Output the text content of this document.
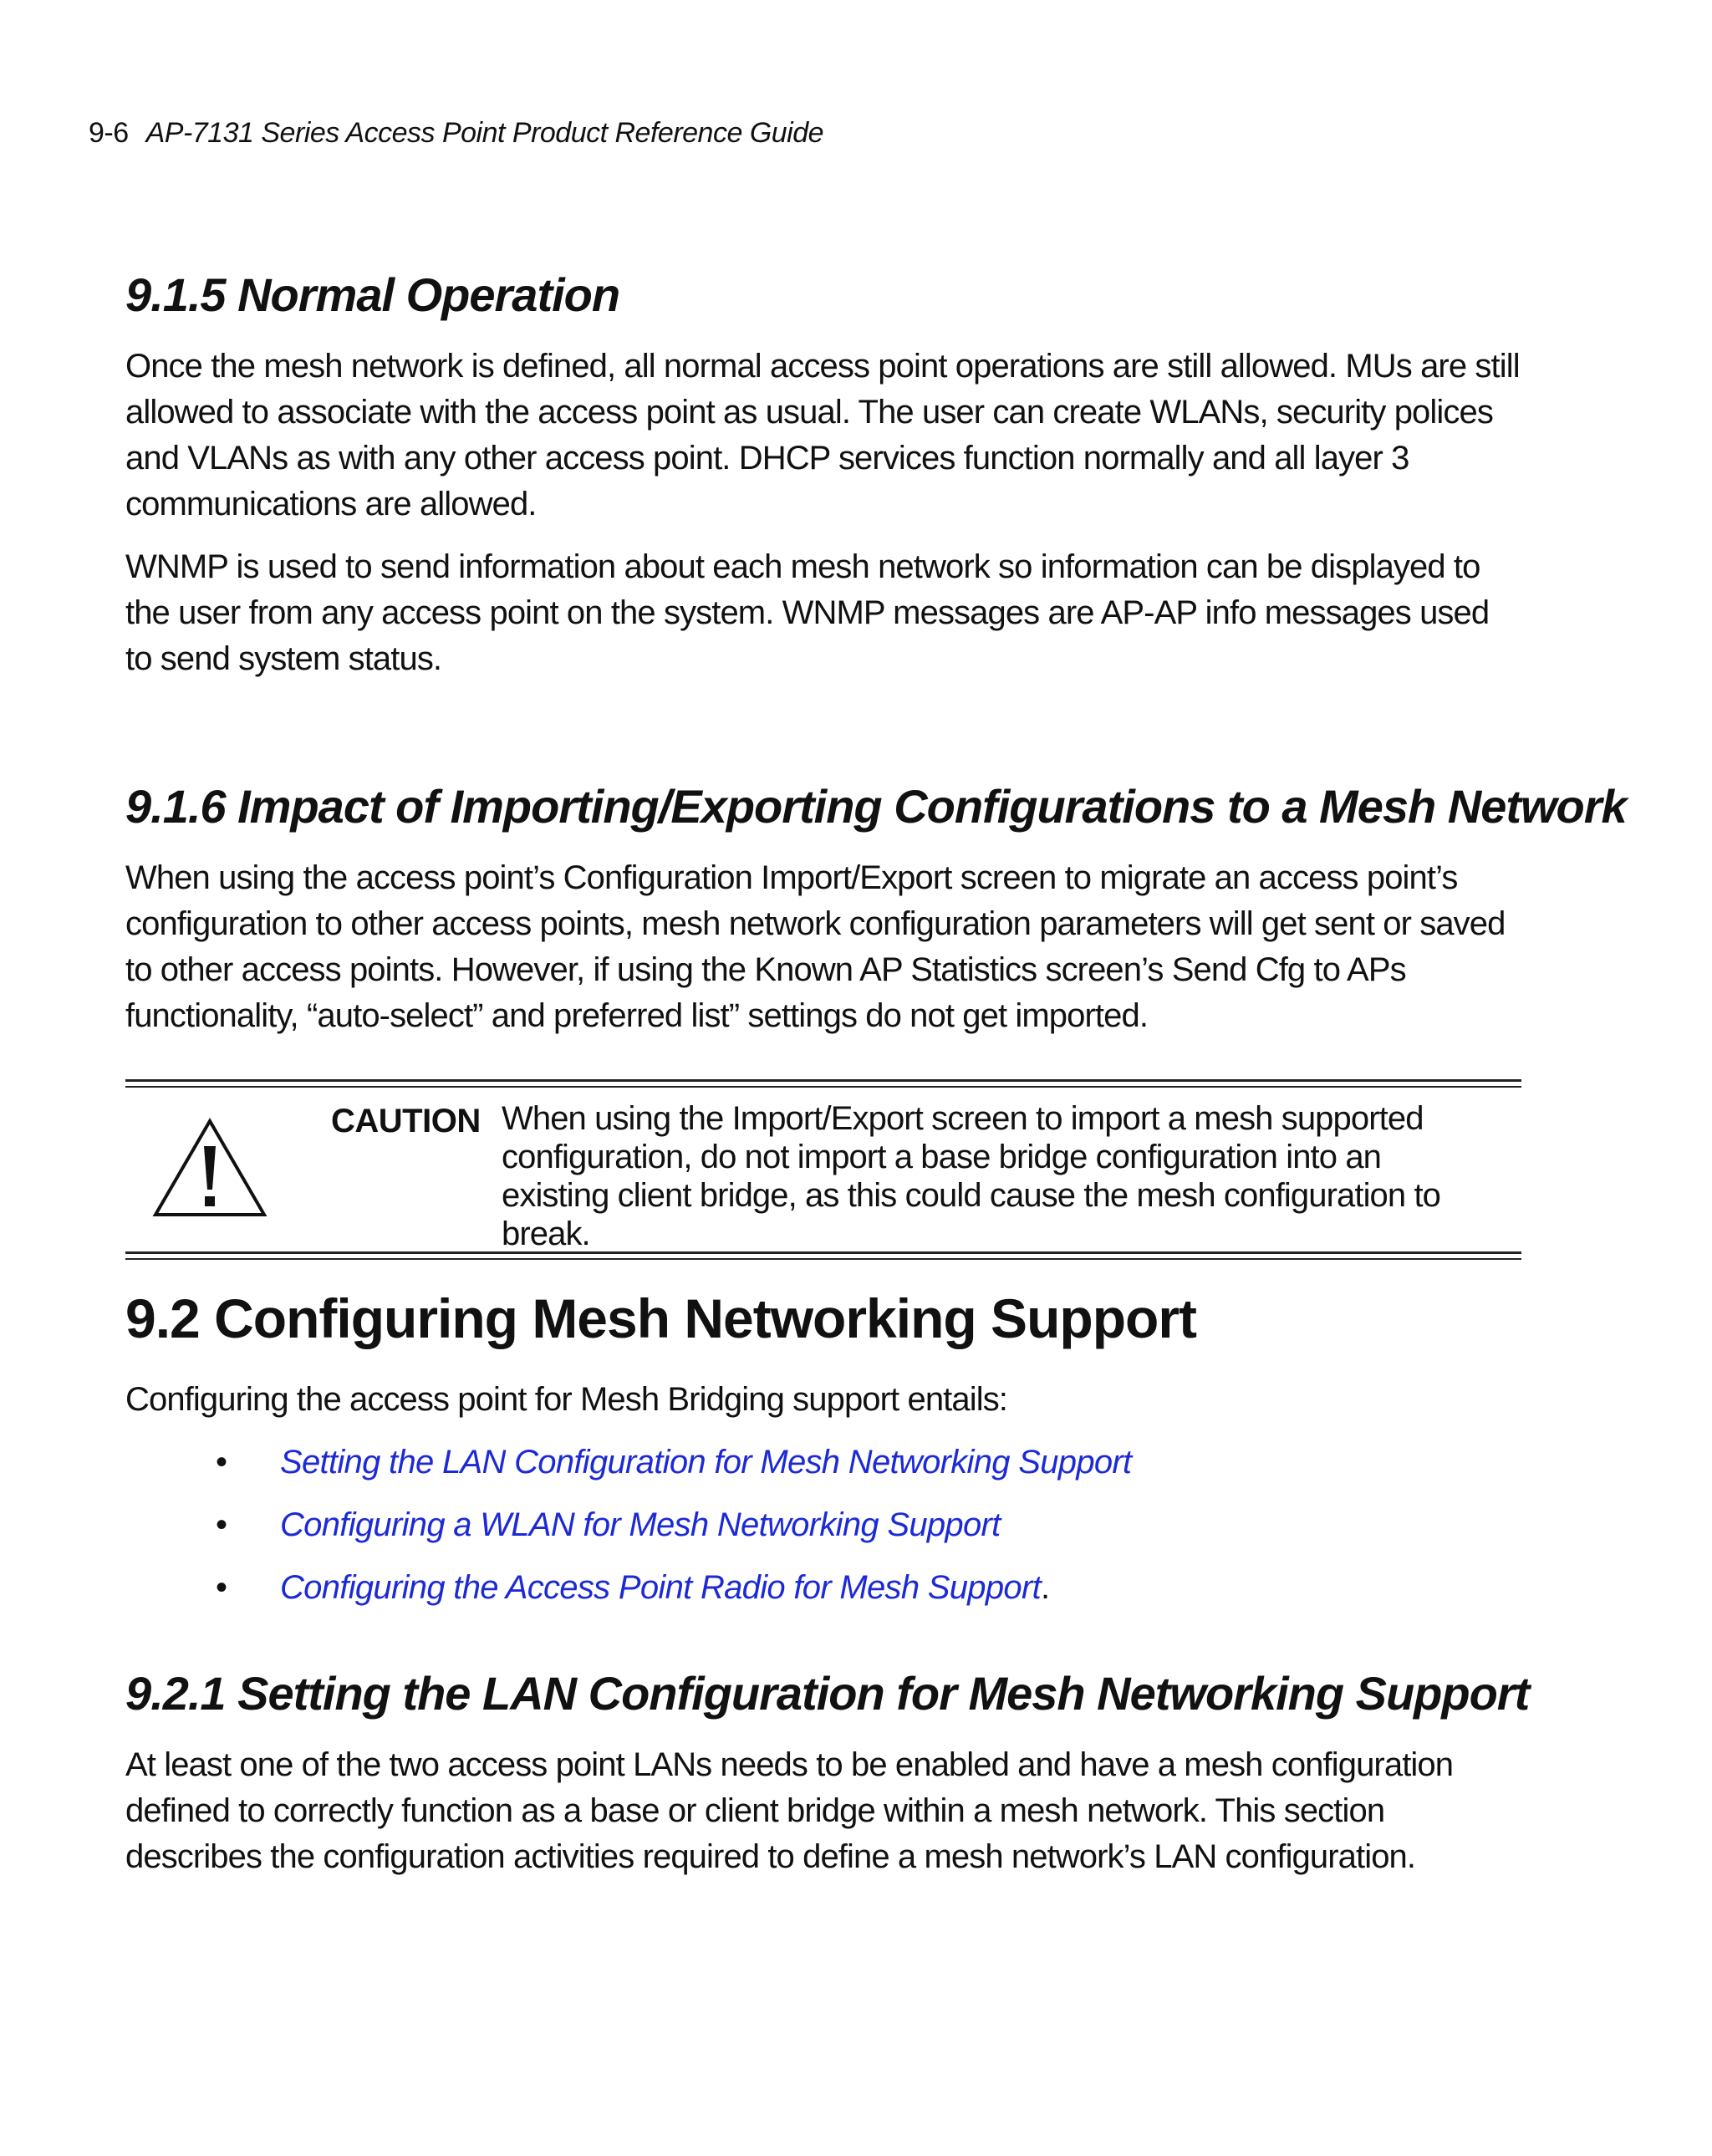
9-6 AP-7131 Series Access Point Product Reference Guide
9.1.5 Normal Operation

Once the mesh network is defined, all normal access point operations are still allowed. MUs are still allowed to associate with the access point as usual. The user can create WLANs, security polices and VLANs as with any other access point. DHCP services function normally and all layer 3 communications are allowed.

WNMP is used to send information about each mesh network so information can be displayed to the user from any access point on the system. WNMP messages are AP-AP info messages used to send system status.

9.1.6 Impact of Importing/Exporting Configurations to a Mesh Network

When using the access point’s Configuration Import/Export screen to migrate an access point’s configuration to other access points, mesh network configuration parameters will get sent or saved to other access points. However, if using the Known AP Statistics screen’s Send Cfg to APs functionality, “auto-select” and preferred list” settings do not get imported.

CAUTION When using the Import/Export screen to import a mesh supported configuration, do not import a base bridge configuration into an existing client bridge, as this could cause the mesh configuration to break.

9.2 Configuring Mesh Networking Support

Configuring the access point for Mesh Bridging support entails:

• Setting the LAN Configuration for Mesh Networking Support
• Configuring a WLAN for Mesh Networking Support
• Configuring the Access Point Radio for Mesh Support.
9.2.1 Setting the LAN Configuration for Mesh Networking Support

At least one of the two access point LANs needs to be enabled and have a mesh configuration defined to correctly function as a base or client bridge within a mesh network. This section describes the configuration activities required to define a mesh network’s LAN configuration.
